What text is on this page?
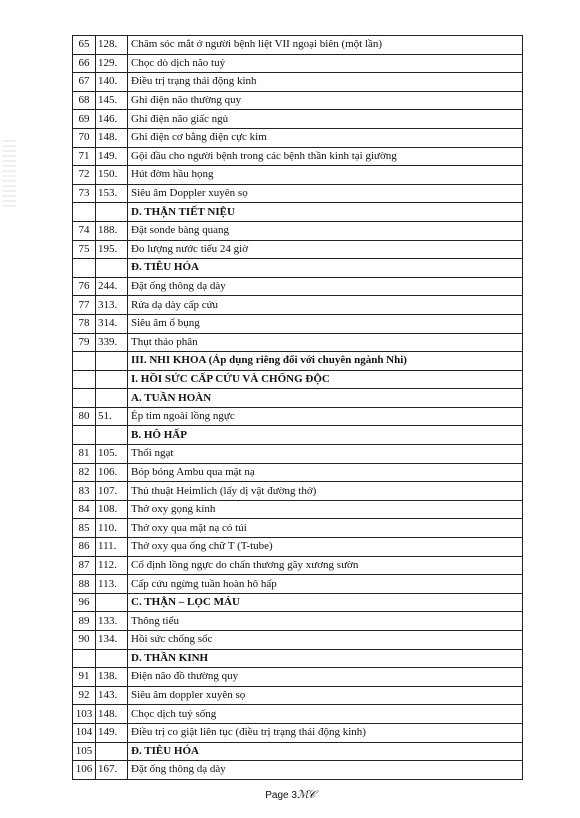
65	128.	Chăm sóc mắt ở người bệnh liệt VII ngoại biên (một lần)
66	129.	Chọc dò dịch não tuỷ
67	140.	Điều trị trạng thái động kinh
68	145.	Ghi điện não thường quy
69	146.	Ghi điện não giấc ngủ
70	148.	Ghi điện cơ bằng điện cực kim
71	149.	Gội đầu cho người bệnh trong các bệnh thần kinh tại giường
72	150.	Hút đờm hầu họng
73	153.	Siêu âm Doppler xuyên sọ
		D. THẬN TIẾT NIỆU
74	188.	Đặt sonde bàng quang
75	195.	Đo lượng nước tiểu 24 giờ
		Đ. TIÊU HÓA
76	244.	Đặt ống thông dạ dày
77	313.	Rửa dạ dày cấp cứu
78	314.	Siêu âm ổ bụng
79	339.	Thụt tháo phân
		III. NHI KHOA (Áp dụng riêng đối với chuyên ngành Nhi)
		I. HỒI SỨC CẤP CỨU VÀ CHỐNG ĐỘC
		A. TUẦN HOÀN
80	51.	Ép tim ngoài lồng ngực
		B. HÔ HẤP
81	105.	Thổi ngạt
82	106.	Bóp bóng Ambu qua mặt nạ
83	107.	Thủ thuật Heimlich (lấy dị vật đường thở)
84	108.	Thở oxy gọng kính
85	110.	Thở oxy qua mặt nạ có túi
86	111.	Thở oxy qua ống chữ T (T-tube)
87	112.	Cố định lồng ngực do chấn thương gãy xương sườn
88	113.	Cấp cứu ngừng tuần hoàn hô hấp
96		C. THẬN – LỌC MÁU
89	133.	Thông tiểu
90	134.	Hồi sức chống sốc
		D. THẦN KINH
91	138.	Điện não đồ thường quy
92	143.	Siêu âm doppler xuyên sọ
103	148.	Chọc dịch tuỷ sống
104	149.	Điều trị co giật liên tục (điều trị trạng thái động kinh)
105		Đ. TIÊU HÓA
106	167.	Đặt ống thông dạ dày
Page 3ℳ𝒞
